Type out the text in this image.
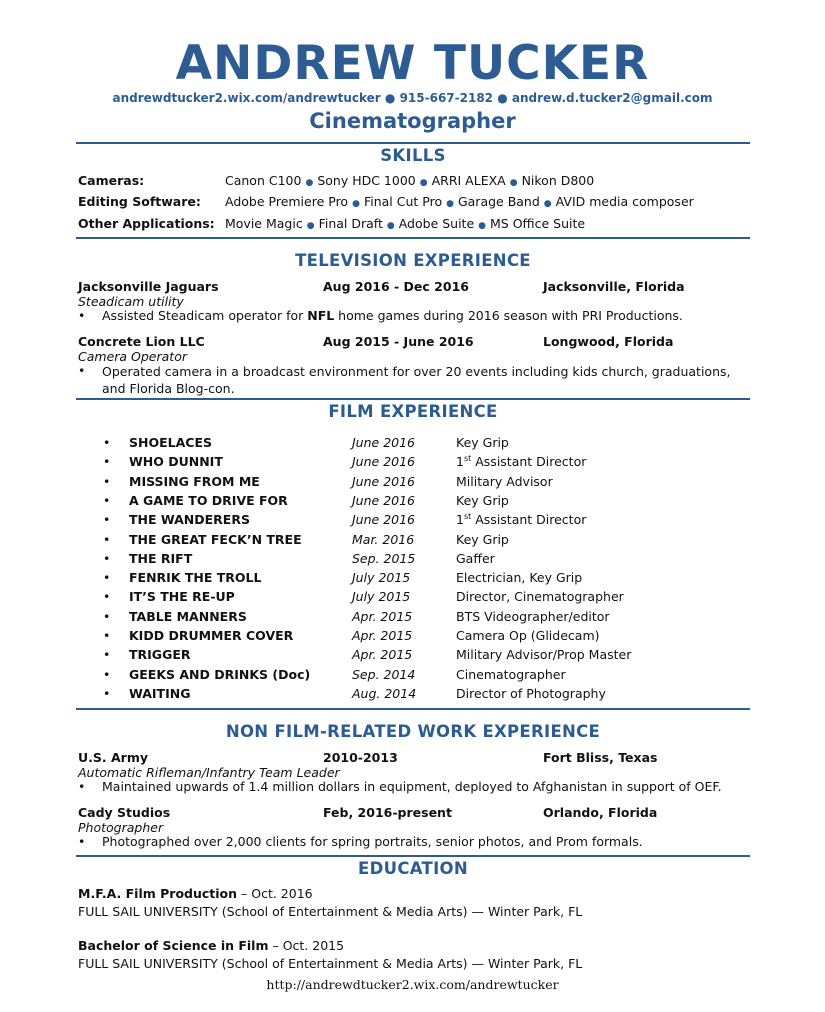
ANDREW TUCKER
andrewdtucker2.wix.com/andrewtucker ● 915-667-2182 ● andrew.d.tucker2@gmail.com
Cinematographer
SKILLS
Cameras:	Canon C100 ● Sony HDC 1000 ● ARRI ALEXA ● Nikon D800
Editing Software: Adobe Premiere Pro ● Final Cut Pro ● Garage Band ● AVID media composer
Other Applications: Movie Magic ● Final Draft ● Adobe Suite ● MS Office Suite
TELEVISION EXPERIENCE
Jacksonville Jaguars	Aug 2016 - Dec 2016	Jacksonville, Florida
Steadicam utility
•	Assisted Steadicam operator for NFL home games during 2016 season with PRI Productions.
Concrete Lion LLC	Aug 2015 - June 2016	Longwood, Florida
Camera Operator
•	Operated camera in a broadcast environment for over 20 events including kids church, graduations, and Florida Blog-con.
FILM EXPERIENCE
• SHOELACES	June 2016	Key Grip
• WHO DUNNIT	June 2016	1st Assistant Director
• MISSING FROM ME	June 2016	Military Advisor
• A GAME TO DRIVE FOR	June 2016	Key Grip
• THE WANDERERS	June 2016	1st Assistant Director
• THE GREAT FECK’N TREE	Mar. 2016	Key Grip
• THE RIFT	Sep. 2015	Gaffer
• FENRIK THE TROLL	July 2015	Electrician, Key Grip
• IT’S THE RE-UP	July 2015	Director, Cinematographer
• TABLE MANNERS	Apr. 2015	BTS Videographer/editor
• KIDD DRUMMER COVER	Apr. 2015	Camera Op (Glidecam)
• TRIGGER	Apr. 2015	Military Advisor/Prop Master
• GEEKS AND DRINKS (Doc)	Sep. 2014	Cinematographer
• WAITING	Aug. 2014	Director of Photography
NON FILM-RELATED WORK EXPERIENCE
U.S. Army	2010-2013	Fort Bliss, Texas
Automatic Rifleman/Infantry Team Leader
•	Maintained upwards of 1.4 million dollars in equipment, deployed to Afghanistan in support of OEF.
Cady Studios	Feb, 2016-present	Orlando, Florida
Photographer
•	Photographed over 2,000 clients for spring portraits, senior photos, and Prom formals.
EDUCATION
M.F.A. Film Production – Oct. 2016
FULL SAIL UNIVERSITY (School of Entertainment & Media Arts) — Winter Park, FL
Bachelor of Science in Film – Oct. 2015
FULL SAIL UNIVERSITY (School of Entertainment & Media Arts) — Winter Park, FL
http://andrewdtucker2.wix.com/andrewtucker
